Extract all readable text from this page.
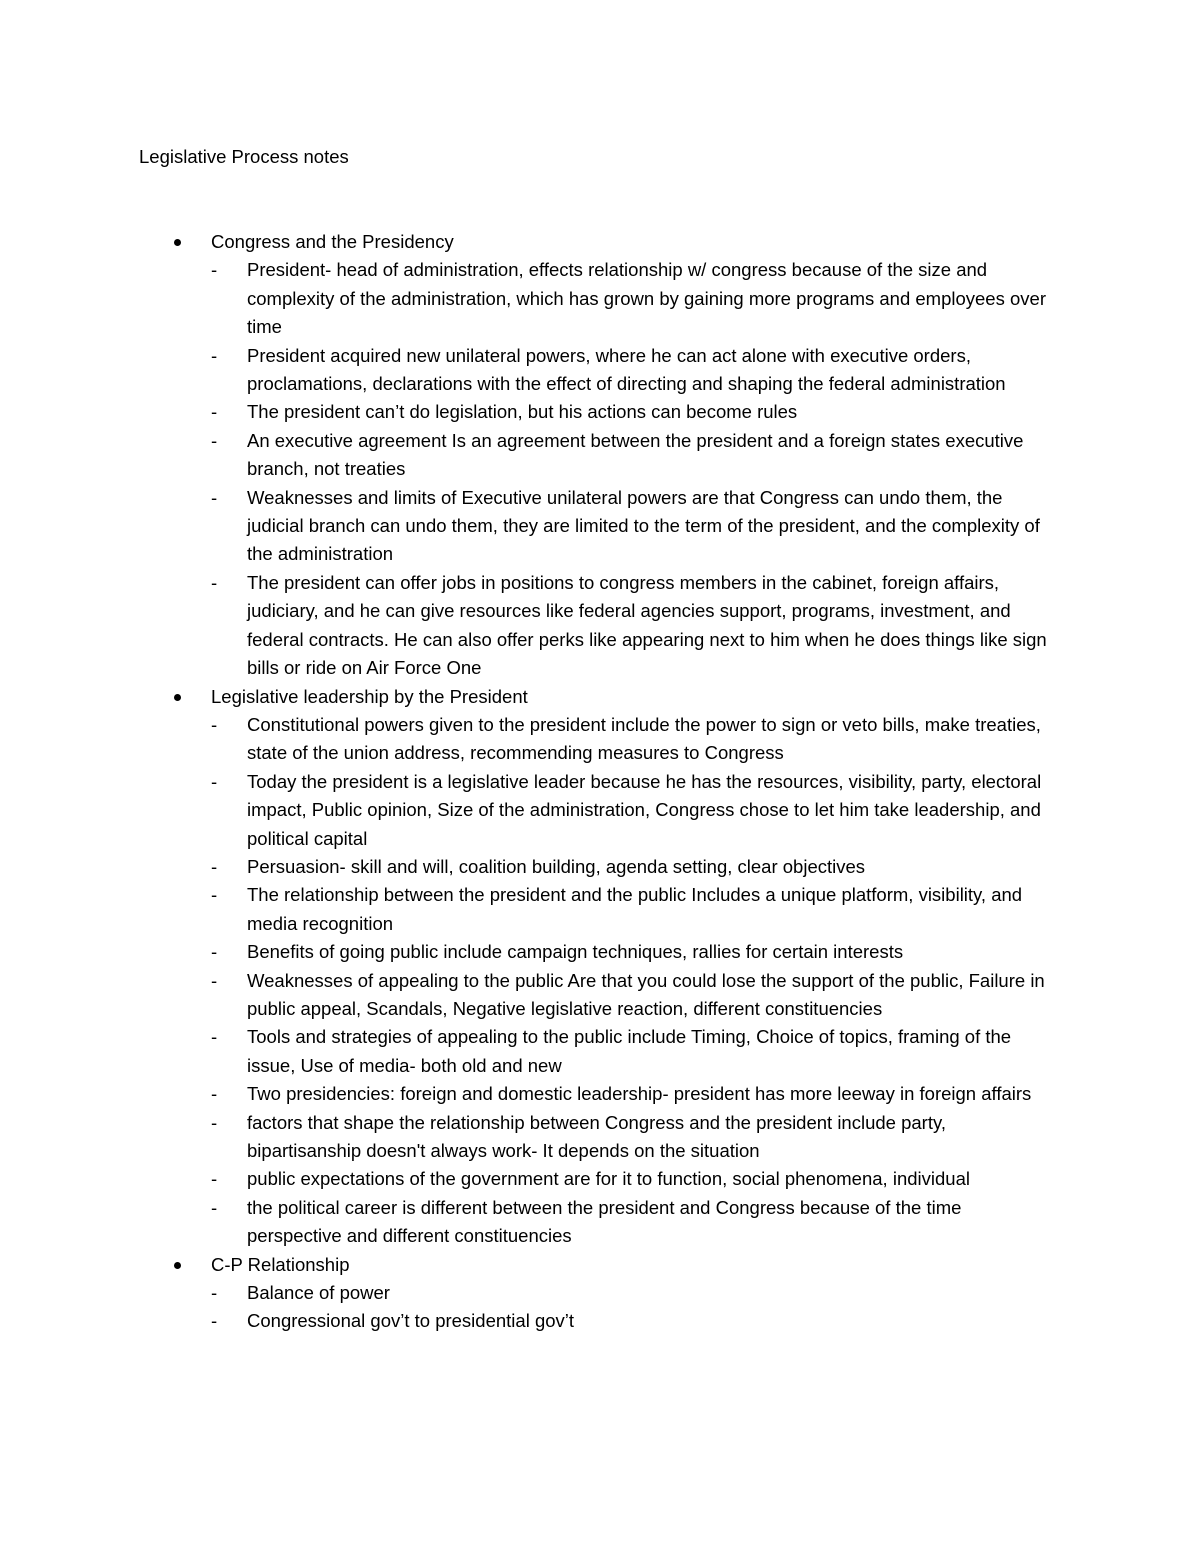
Legislative Process notes
Congress and the Presidency
- President- head of administration, effects relationship w/ congress because of the size and complexity of the administration, which has grown by gaining more programs and employees over time
- President acquired new unilateral powers, where he can act alone with executive orders, proclamations, declarations with the effect of directing and shaping the federal administration
- The president can’t do legislation, but his actions can become rules
- An executive agreement Is an agreement between the president and a foreign states executive branch, not treaties
- Weaknesses and limits of Executive unilateral powers are that Congress can undo them, the judicial branch can undo them, they are limited to the term of the president, and the complexity of the administration
- The president can offer jobs in positions to congress members in the cabinet, foreign affairs, judiciary, and he can give resources like federal agencies support, programs, investment, and federal contracts. He can also offer perks like appearing next to him when he does things like sign bills or ride on Air Force One
Legislative leadership by the President
- Constitutional powers given to the president include the power to sign or veto bills, make treaties, state of the union address, recommending measures to Congress
- Today the president is a legislative leader because he has the resources, visibility, party, electoral impact, Public opinion, Size of the administration, Congress chose to let him take leadership, and political capital
- Persuasion- skill and will, coalition building, agenda setting, clear objectives
- The relationship between the president and the public Includes a unique platform, visibility, and media recognition
- Benefits of going public include campaign techniques, rallies for certain interests
- Weaknesses of appealing to the public Are that you could lose the support of the public, Failure in public appeal, Scandals, Negative legislative reaction, different constituencies
- Tools and strategies of appealing to the public include Timing, Choice of topics, framing of the issue, Use of media- both old and new
- Two presidencies: foreign and domestic leadership- president has more leeway in foreign affairs
- factors that shape the relationship between Congress and the president include party, bipartisanship doesn't always work- It depends on the situation
- public expectations of the government are for it to function, social phenomena, individual
- the political career is different between the president and Congress because of the time perspective and different constituencies
C-P Relationship
- Balance of power
- Congressional gov’t to presidential gov’t
